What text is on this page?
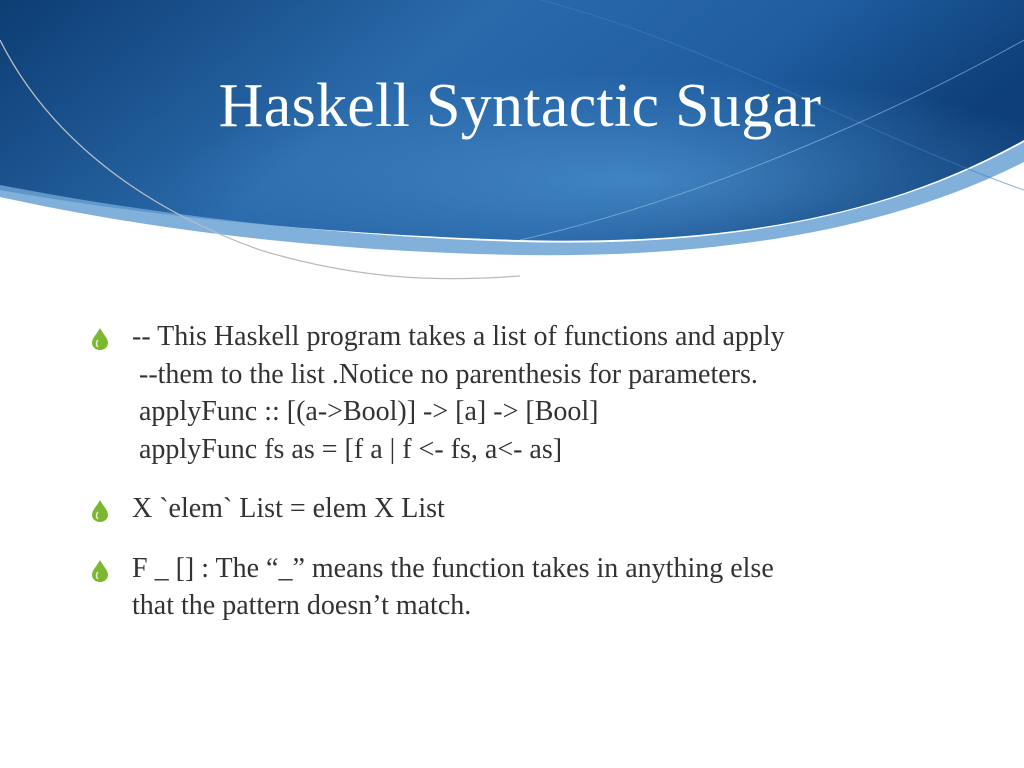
Haskell Syntactic Sugar
-- This Haskell program takes a list of functions and apply
--them to the list .Notice no parenthesis for parameters.
applyFunc :: [(a->Bool)] -> [a] -> [Bool]
applyFunc fs as = [f a | f <- fs, a<- as]
X `elem` List = elem X List
F _ [] : The “_” means the function takes in anything else
that the pattern doesn’t match.
